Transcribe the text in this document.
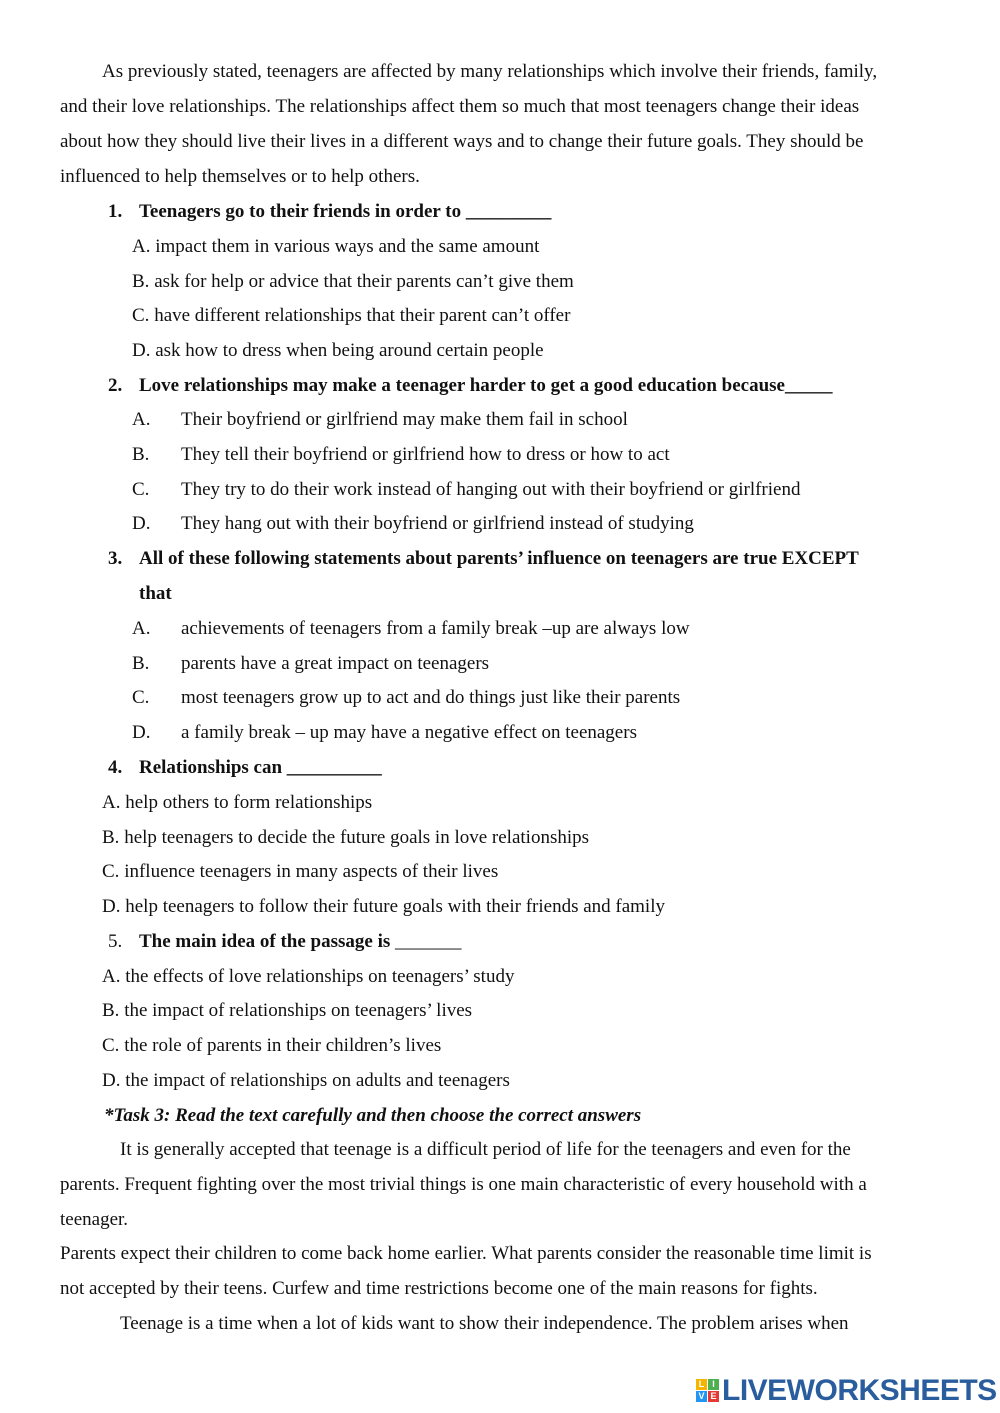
As previously stated, teenagers are affected by many relationships which involve their friends, family,
and their love relationships. The relationships affect them so much that most teenagers change their ideas
about how they should live their lives in a different ways and to change their future goals. They should be
influenced to help themselves or to help others.
1. Teenagers go to their friends in order to _________
A. impact them in various ways and the same amount
B. ask for help or advice that their parents can’t give them
C. have different relationships that their parent can’t offer
D. ask how to dress when being around certain people
2. Love relationships may make a teenager harder to get a good education because_____
A. Their boyfriend or girlfriend may make them fail in school
B. They tell their boyfriend or girlfriend how to dress or how to act
C. They try to do their work instead of hanging out with their boyfriend or girlfriend
D. They hang out with their boyfriend or girlfriend instead of studying
3. All of these following statements about parents’ influence on teenagers are true EXCEPT
that
A. achievements of teenagers from a family break –up are always low
B. parents have a great impact on teenagers
C. most teenagers grow up to act and do things just like their parents
D. a family break – up may have a negative effect on teenagers
4. Relationships can __________
A. help others to form relationships
B. help teenagers to decide the future goals in love relationships
C. influence teenagers in many aspects of their lives
D. help teenagers to follow their future goals with their friends and family
5. The main idea of the passage is _______
A. the effects of love relationships on teenagers’ study
B. the impact of relationships on teenagers’ lives
C. the role of parents in their children’s lives
D. the impact of relationships on adults and teenagers
*Task 3: Read the text carefully and then choose the correct answers
It is generally accepted that teenage is a difficult period of life for the teenagers and even for the
parents. Frequent fighting over the most trivial things is one main characteristic of every household with a
teenager.
Parents expect their children to come back home earlier. What parents consider the reasonable time limit is
not accepted by their teens. Curfew and time restrictions become one of the main reasons for fights.
Teenage is a time when a lot of kids want to show their independence. The problem arises when
L I
V E LIVEWORKSHEETS
